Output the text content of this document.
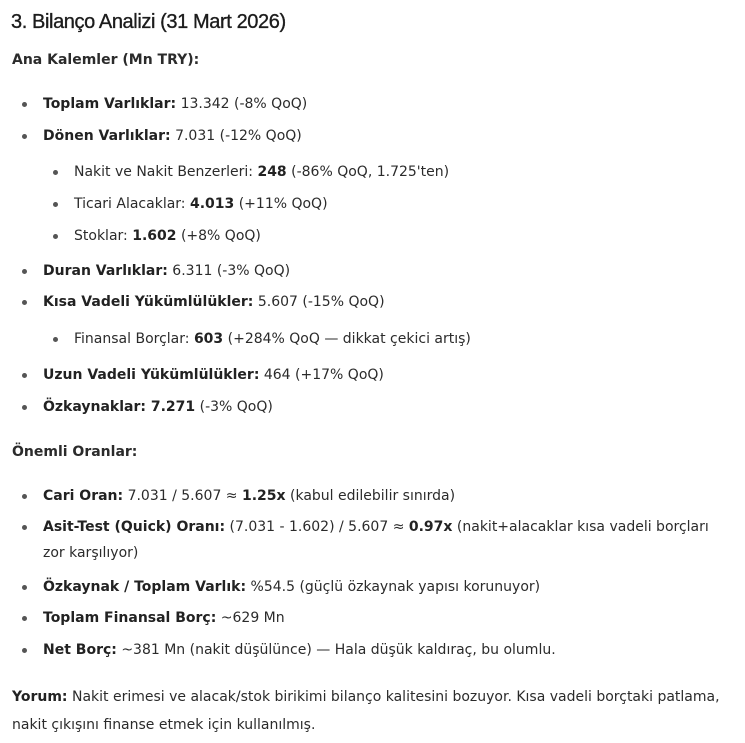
3. Bilanço Analizi (31 Mart 2026)

Ana Kalemler (Mn TRY):

Toplam Varlıklar: 13.342 (-8% QoQ)
Dönen Varlıklar: 7.031 (-12% QoQ)
Nakit ve Nakit Benzerleri: 248 (-86% QoQ, 1.725'ten)
Ticari Alacaklar: 4.013 (+11% QoQ)
Stoklar: 1.602 (+8% QoQ)
Duran Varlıklar: 6.311 (-3% QoQ)
Kısa Vadeli Yükümlülükler: 5.607 (-15% QoQ)
Finansal Borçlar: 603 (+284% QoQ — dikkat çekici artış)
Uzun Vadeli Yükümlülükler: 464 (+17% QoQ)
Özkaynaklar: 7.271 (-3% QoQ)

Önemli Oranlar:

Cari Oran: 7.031 / 5.607 ≈ 1.25x (kabul edilebilir sınırda)
Asit-Test (Quick) Oranı: (7.031 - 1.602) / 5.607 ≈ 0.97x (nakit+alacaklar kısa vadeli borçları zor karşılıyor)
Özkaynak / Toplam Varlık: %54.5 (güçlü özkaynak yapısı korunuyor)
Toplam Finansal Borç: ~629 Mn
Net Borç: ~381 Mn (nakit düşülünce) — Hala düşük kaldıraç, bu olumlu.

Yorum: Nakit erimesi ve alacak/stok birikimi bilanço kalitesini bozuyor. Kısa vadeli borçtaki patlama, nakit çıkışını finanse etmek için kullanılmış.
